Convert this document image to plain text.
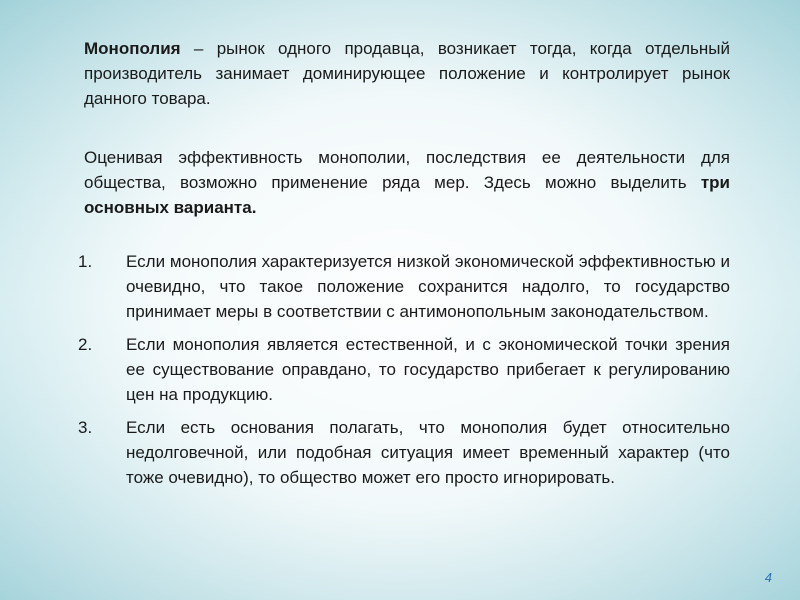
Монополия – рынок одного продавца, возникает тогда, когда отдельный производитель занимает доминирующее положение и контролирует рынок данного товара.

Оценивая эффективность монополии, последствия ее деятельности для общества, возможно применение ряда мер. Здесь можно выделить три основных варианта.

1. Если монополия характеризуется низкой экономической эффективностью и очевидно, что такое положение сохранится надолго, то государство принимает меры в соответствии с антимонопольным законодательством.
2. Если монополия является естественной, и с экономической точки зрения ее существование оправдано, то государство прибегает к регулированию цен на продукцию.
3. Если есть основания полагать, что монополия будет относительно недолговечной, или подобная ситуация имеет временный характер (что тоже очевидно), то общество может его просто игнорировать.
4
